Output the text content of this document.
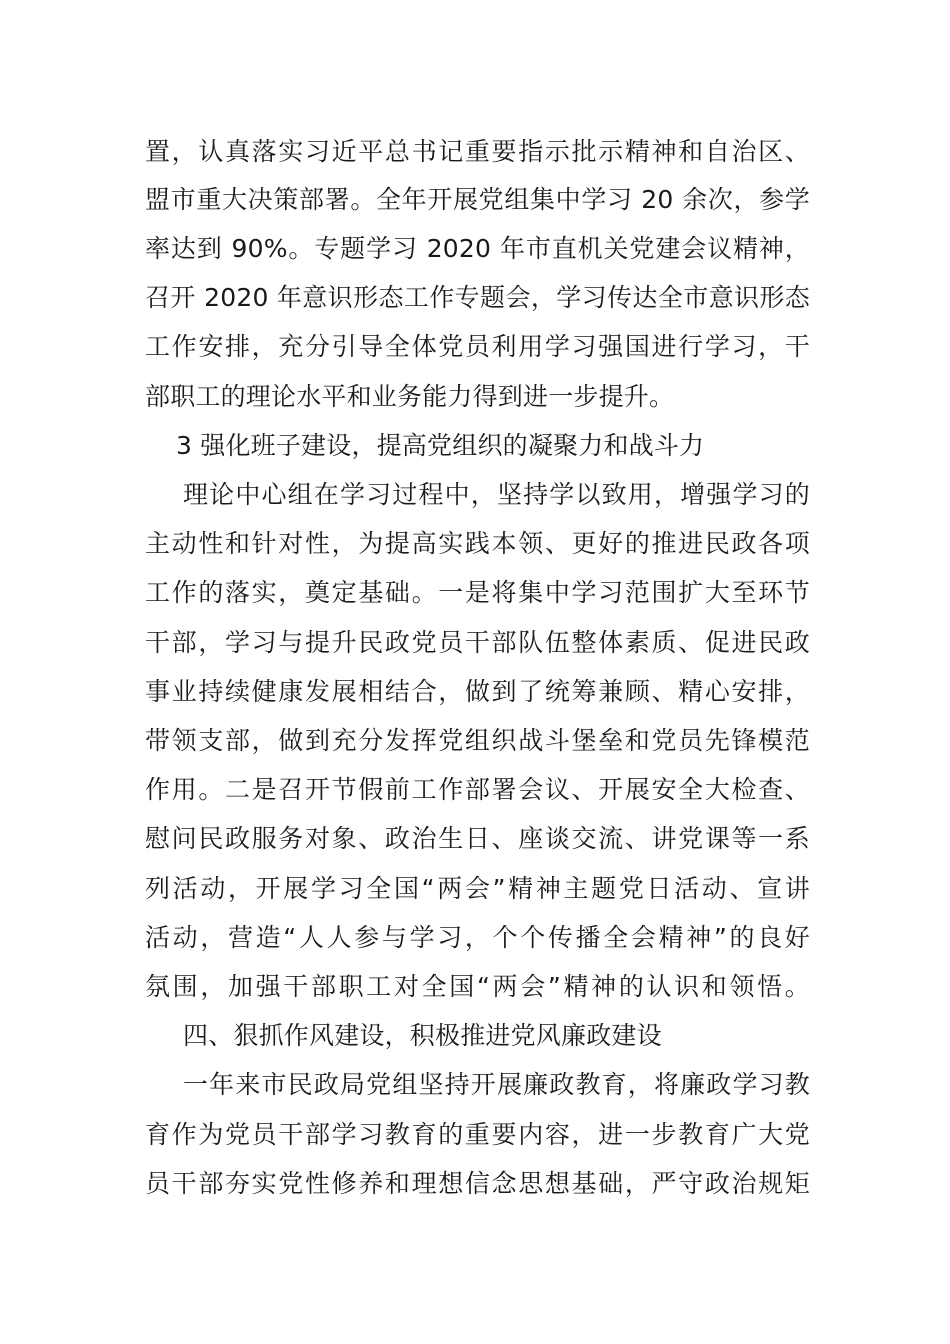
置，认真落实习近平总书记重要指示批示精神和自治区、
盟市重大决策部署。全年开展党组集中学习 20 余次，参学
率达到 90%。专题学习 2020 年市直机关党建会议精神，
召开 2020 年意识形态工作专题会，学习传达全市意识形态
工作安排，充分引导全体党员利用学习强国进行学习，干
部职工的理论水平和业务能力得到进一步提升。
3 强化班子建设，提高党组织的凝聚力和战斗力
理论中心组在学习过程中，坚持学以致用，增强学习的
主动性和针对性，为提高实践本领、更好的推进民政各项
工作的落实，奠定基础。一是将集中学习范围扩大至环节
干部，学习与提升民政党员干部队伍整体素质、促进民政
事业持续健康发展相结合，做到了统筹兼顾、精心安排，
带领支部，做到充分发挥党组织战斗堡垒和党员先锋模范
作用。二是召开节假前工作部署会议、开展安全大检查、
慰问民政服务对象、政治生日、座谈交流、讲党课等一系
列活动，开展学习全国“两会”精神主题党日活动、宣讲
活动，营造“人人参与学习，个个传播全会精神”的良好
氛围，加强干部职工对全国“两会”精神的认识和领悟。
四、狠抓作风建设，积极推进党风廉政建设
一年来市民政局党组坚持开展廉政教育，将廉政学习教
育作为党员干部学习教育的重要内容，进一步教育广大党
员干部夯实党性修养和理想信念思想基础，严守政治规矩
